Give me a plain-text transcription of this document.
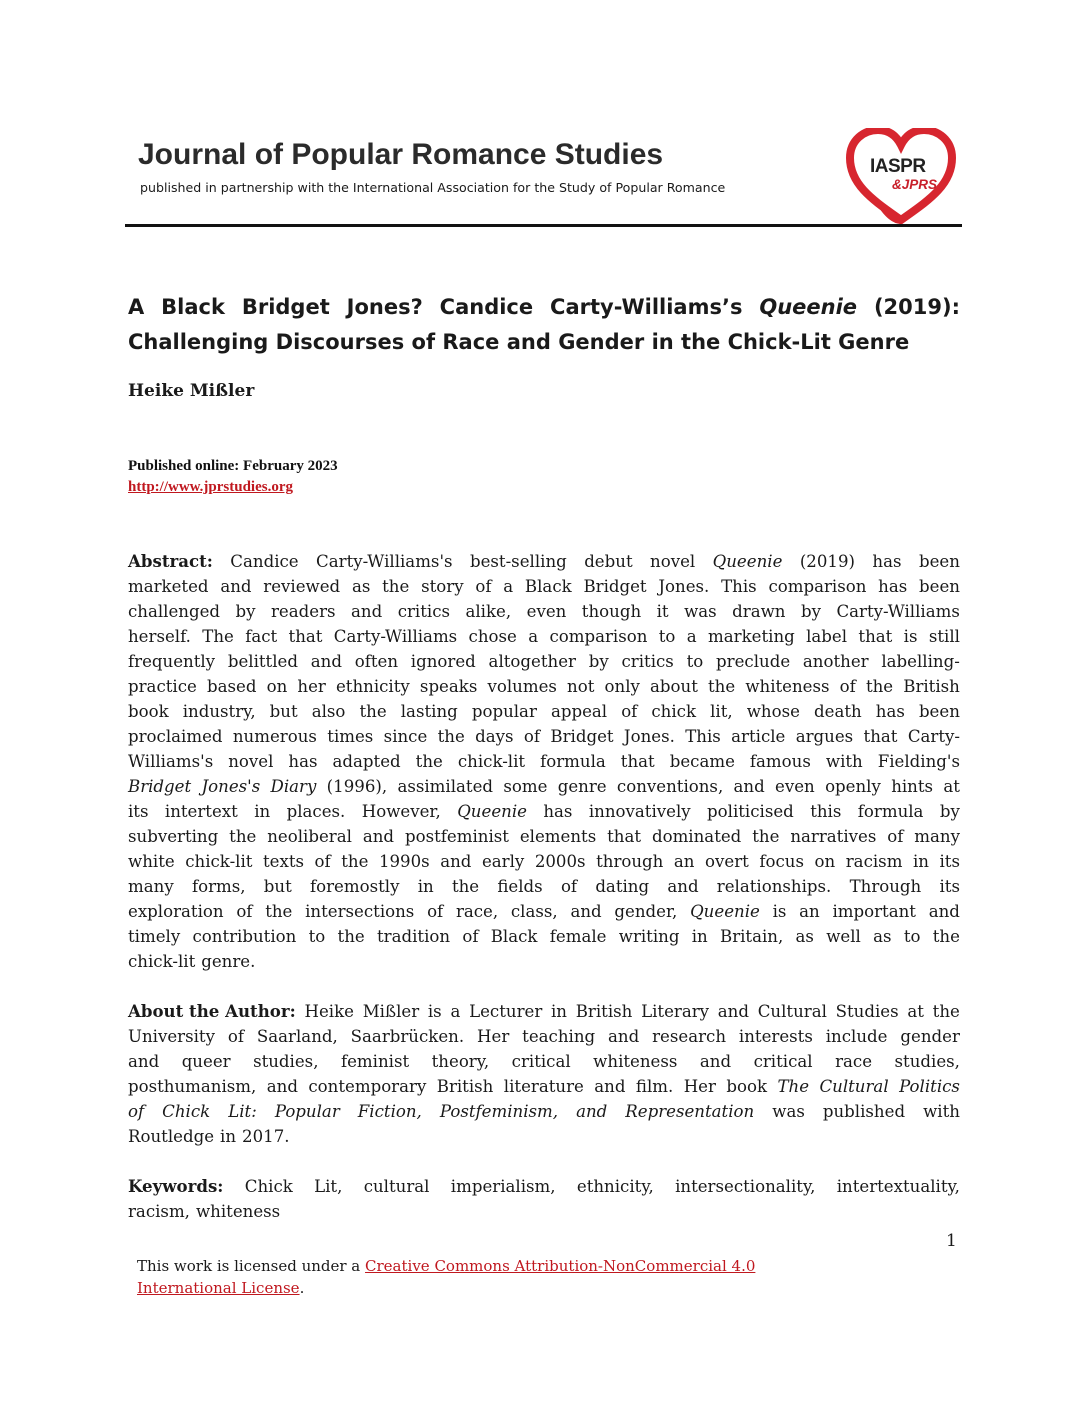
Journal of Popular Romance Studies
published in partnership with the International Association for the Study of Popular Romance
IASPR
&JPRS
A Black Bridget Jones? Candice Carty-Williams’s Queenie (2019):
Challenging Discourses of Race and Gender in the Chick-Lit Genre
Heike Mißler
Published online: February 2023
http://www.jprstudies.org
Abstract: Candice Carty-Williams's best-selling debut novel Queenie (2019) has been
marketed and reviewed as the story of a Black Bridget Jones. This comparison has been
challenged by readers and critics alike, even though it was drawn by Carty-Williams
herself. The fact that Carty-Williams chose a comparison to a marketing label that is still
frequently belittled and often ignored altogether by critics to preclude another labelling-
practice based on her ethnicity speaks volumes not only about the whiteness of the British
book industry, but also the lasting popular appeal of chick lit, whose death has been
proclaimed numerous times since the days of Bridget Jones. This article argues that Carty-
Williams's novel has adapted the chick-lit formula that became famous with Fielding's
Bridget Jones's Diary (1996), assimilated some genre conventions, and even openly hints at
its intertext in places. However, Queenie has innovatively politicised this formula by
subverting the neoliberal and postfeminist elements that dominated the narratives of many
white chick-lit texts of the 1990s and early 2000s through an overt focus on racism in its
many forms, but foremostly in the fields of dating and relationships. Through its
exploration of the intersections of race, class, and gender, Queenie is an important and
timely contribution to the tradition of Black female writing in Britain, as well as to the
chick-lit genre.
About the Author: Heike Mißler is a Lecturer in British Literary and Cultural Studies at the
University of Saarland, Saarbrücken. Her teaching and research interests include gender
and queer studies, feminist theory, critical whiteness and critical race studies,
posthumanism, and contemporary British literature and film. Her book The Cultural Politics
of Chick Lit: Popular Fiction, Postfeminism, and Representation was published with
Routledge in 2017.
Keywords: Chick Lit, cultural imperialism, ethnicity, intersectionality, intertextuality,
racism, whiteness
1
This work is licensed under a Creative Commons Attribution-NonCommercial 4.0
International License.
